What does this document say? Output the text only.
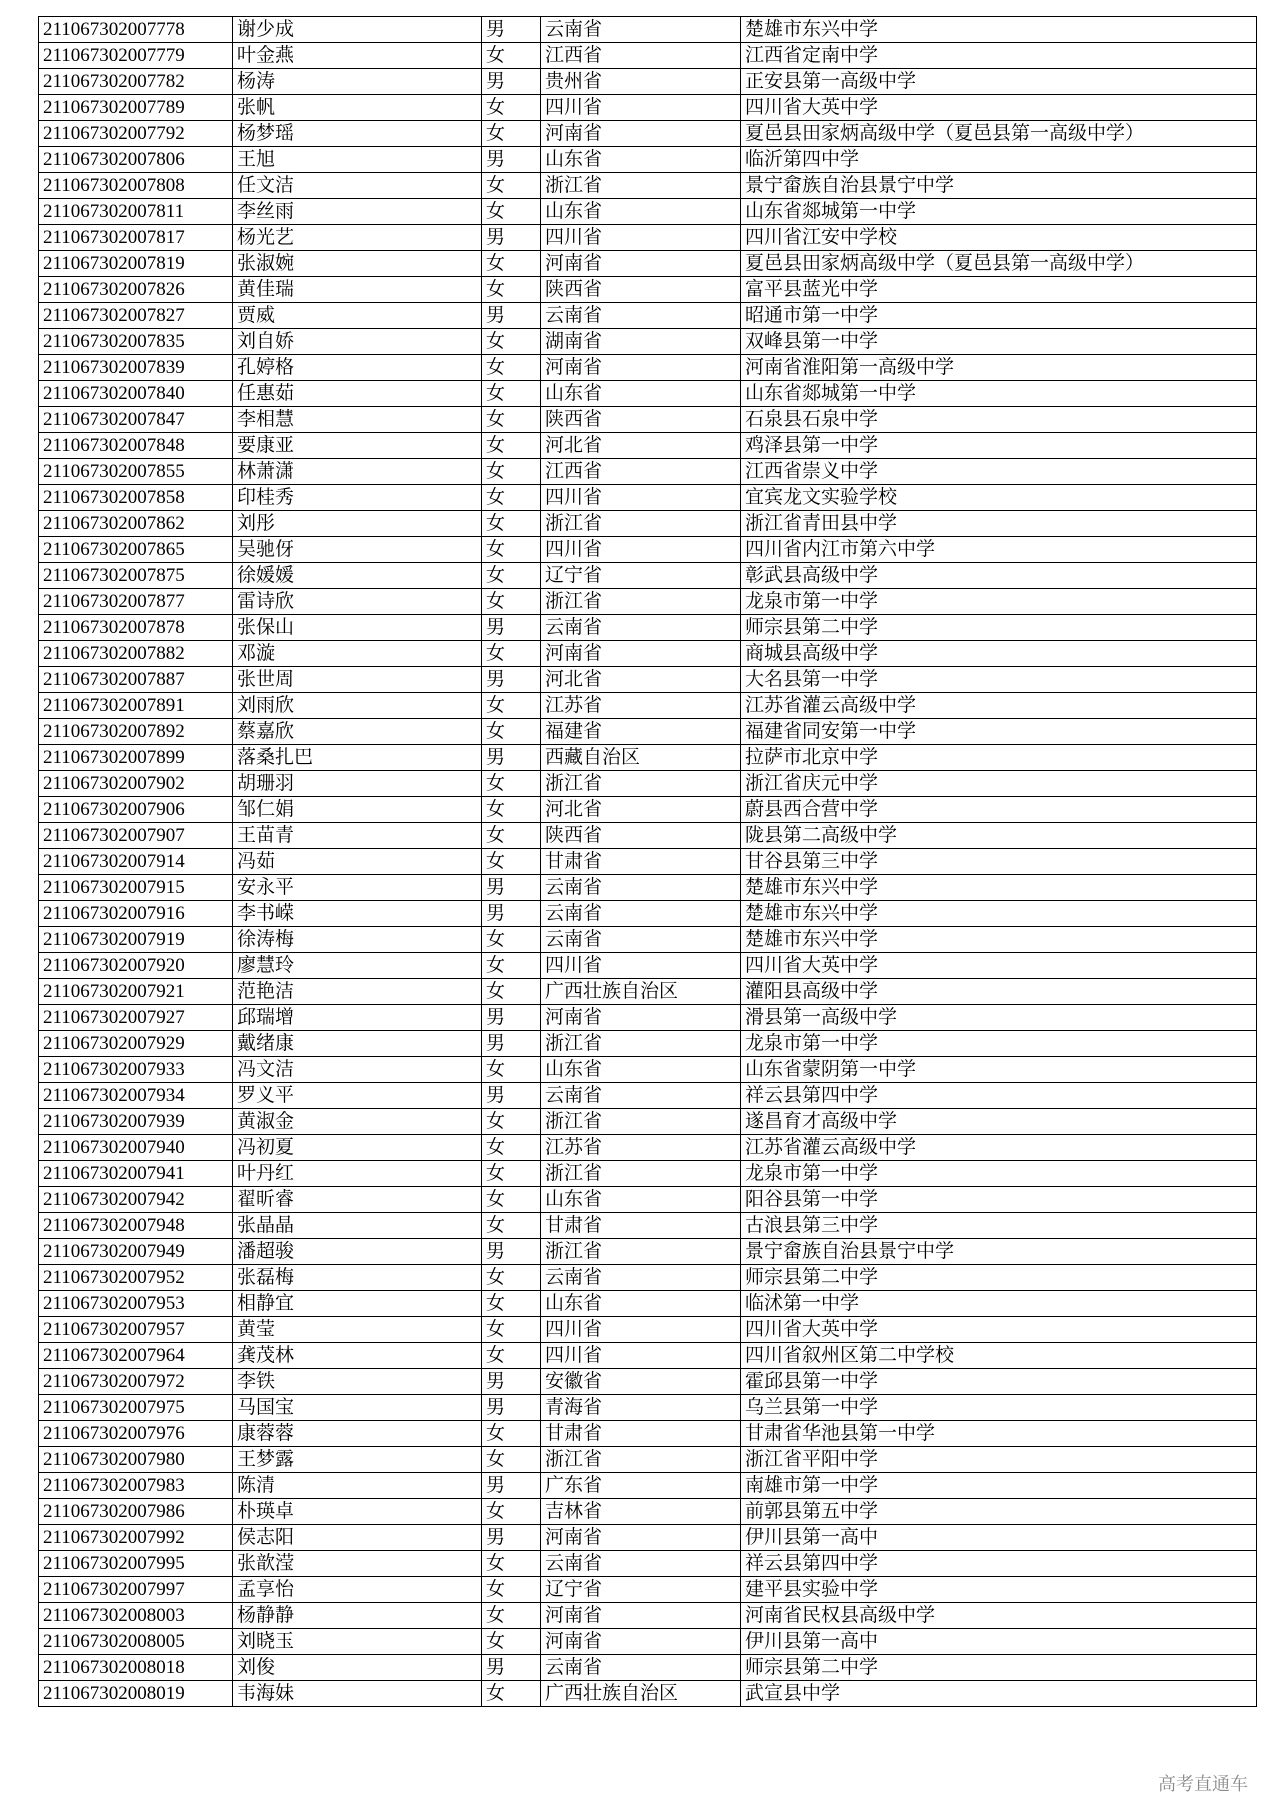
211067302007778	谢少成	男	云南省	楚雄市东兴中学
211067302007779	叶金燕	女	江西省	江西省定南中学
211067302007782	杨涛	男	贵州省	正安县第一高级中学
211067302007789	张帆	女	四川省	四川省大英中学
211067302007792	杨梦瑶	女	河南省	夏邑县田家炳高级中学（夏邑县第一高级中学）
211067302007806	王旭	男	山东省	临沂第四中学
211067302007808	任文洁	女	浙江省	景宁畲族自治县景宁中学
211067302007811	李丝雨	女	山东省	山东省郯城第一中学
211067302007817	杨光艺	男	四川省	四川省江安中学校
211067302007819	张淑婉	女	河南省	夏邑县田家炳高级中学（夏邑县第一高级中学）
211067302007826	黄佳瑞	女	陕西省	富平县蓝光中学
211067302007827	贾威	男	云南省	昭通市第一中学
211067302007835	刘自娇	女	湖南省	双峰县第一中学
211067302007839	孔婷格	女	河南省	河南省淮阳第一高级中学
211067302007840	任惠茹	女	山东省	山东省郯城第一中学
211067302007847	李相慧	女	陕西省	石泉县石泉中学
211067302007848	要康亚	女	河北省	鸡泽县第一中学
211067302007855	林萧潇	女	江西省	江西省崇义中学
211067302007858	印桂秀	女	四川省	宜宾龙文实验学校
211067302007862	刘彤	女	浙江省	浙江省青田县中学
211067302007865	吴驰伢	女	四川省	四川省内江市第六中学
211067302007875	徐媛媛	女	辽宁省	彰武县高级中学
211067302007877	雷诗欣	女	浙江省	龙泉市第一中学
211067302007878	张保山	男	云南省	师宗县第二中学
211067302007882	邓漩	女	河南省	商城县高级中学
211067302007887	张世周	男	河北省	大名县第一中学
211067302007891	刘雨欣	女	江苏省	江苏省灌云高级中学
211067302007892	蔡嘉欣	女	福建省	福建省同安第一中学
211067302007899	落桑扎巴	男	西藏自治区	拉萨市北京中学
211067302007902	胡珊羽	女	浙江省	浙江省庆元中学
211067302007906	邹仁娟	女	河北省	蔚县西合营中学
211067302007907	王苗青	女	陕西省	陇县第二高级中学
211067302007914	冯茹	女	甘肃省	甘谷县第三中学
211067302007915	安永平	男	云南省	楚雄市东兴中学
211067302007916	李书嵘	男	云南省	楚雄市东兴中学
211067302007919	徐涛梅	女	云南省	楚雄市东兴中学
211067302007920	廖慧玲	女	四川省	四川省大英中学
211067302007921	范艳洁	女	广西壮族自治区	灌阳县高级中学
211067302007927	邱瑞增	男	河南省	滑县第一高级中学
211067302007929	戴绪康	男	浙江省	龙泉市第一中学
211067302007933	冯文洁	女	山东省	山东省蒙阴第一中学
211067302007934	罗义平	男	云南省	祥云县第四中学
211067302007939	黄淑金	女	浙江省	遂昌育才高级中学
211067302007940	冯初夏	女	江苏省	江苏省灌云高级中学
211067302007941	叶丹红	女	浙江省	龙泉市第一中学
211067302007942	翟昕睿	女	山东省	阳谷县第一中学
211067302007948	张晶晶	女	甘肃省	古浪县第三中学
211067302007949	潘超骏	男	浙江省	景宁畲族自治县景宁中学
211067302007952	张磊梅	女	云南省	师宗县第二中学
211067302007953	相静宜	女	山东省	临沭第一中学
211067302007957	黄莹	女	四川省	四川省大英中学
211067302007964	龚茂林	女	四川省	四川省叙州区第二中学校
211067302007972	李铁	男	安徽省	霍邱县第一中学
211067302007975	马国宝	男	青海省	乌兰县第一中学
211067302007976	康蓉蓉	女	甘肃省	甘肃省华池县第一中学
211067302007980	王梦露	女	浙江省	浙江省平阳中学
211067302007983	陈清	男	广东省	南雄市第一中学
211067302007986	朴瑛卓	女	吉林省	前郭县第五中学
211067302007992	侯志阳	男	河南省	伊川县第一高中
211067302007995	张歆滢	女	云南省	祥云县第四中学
211067302007997	孟享怡	女	辽宁省	建平县实验中学
211067302008003	杨静静	女	河南省	河南省民权县高级中学
211067302008005	刘晓玉	女	河南省	伊川县第一高中
211067302008018	刘俊	男	云南省	师宗县第二中学
211067302008019	韦海妹	女	广西壮族自治区	武宣县中学
高考直通车
